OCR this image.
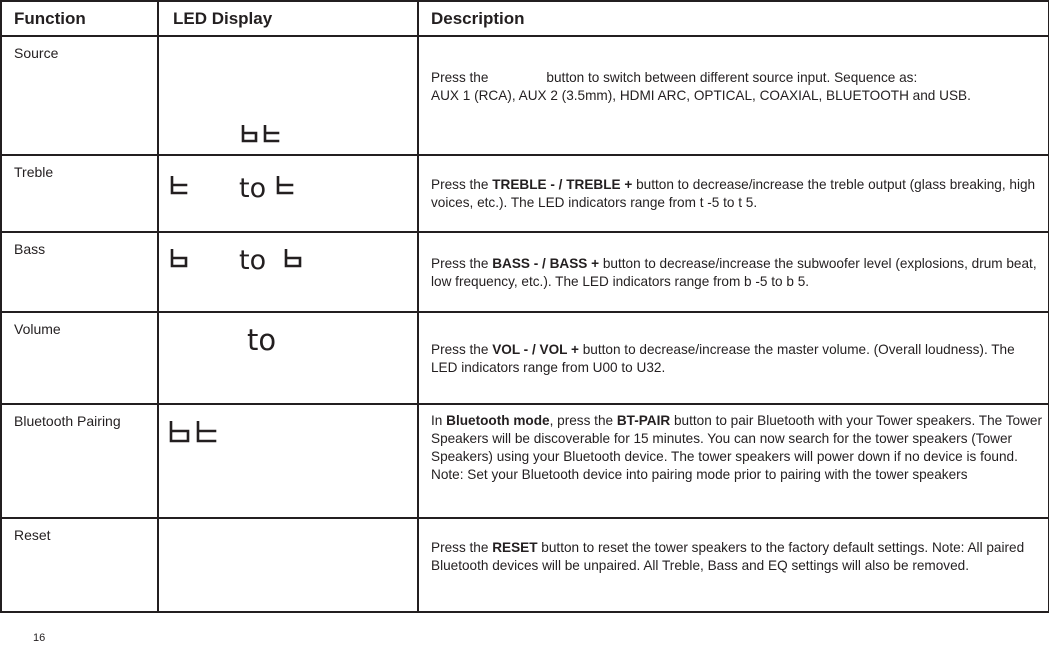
Function	LED Display	Description

Source		Press the button to switch between different source input. Sequence as:
AUX 1 (RCA), AUX 2 (3.5mm), HDMI ARC, OPTICAL, COAXIAL, BLUETOOTH and USB.

Treble	to	Press the TREBLE - / TREBLE + button to decrease/increase the treble output (glass breaking, high voices, etc.). The LED indicators range from t -5 to t 5.

Bass	to	Press the BASS - / BASS + button to decrease/increase the subwoofer level (explosions, drum beat, low frequency, etc.). The LED indicators range from b -5 to b 5.

Volume	to	Press the VOL - / VOL + button to decrease/increase the master volume. (Overall loudness). The LED indicators range from U00 to U32.

Bluetooth Pairing		In Bluetooth mode, press the BT-PAIR button to pair Bluetooth with your Tower speakers. The Tower Speakers will be discoverable for 15 minutes. You can now search for the tower speakers (Tower Speakers) using your Bluetooth device. The tower speakers will power down if no device is found. Note: Set your Bluetooth device into pairing mode prior to pairing with the tower speakers

Reset		Press the RESET button to reset the tower speakers to the factory default settings. Note: All paired Bluetooth devices will be unpaired. All Treble, Bass and EQ settings will also be removed.
16
